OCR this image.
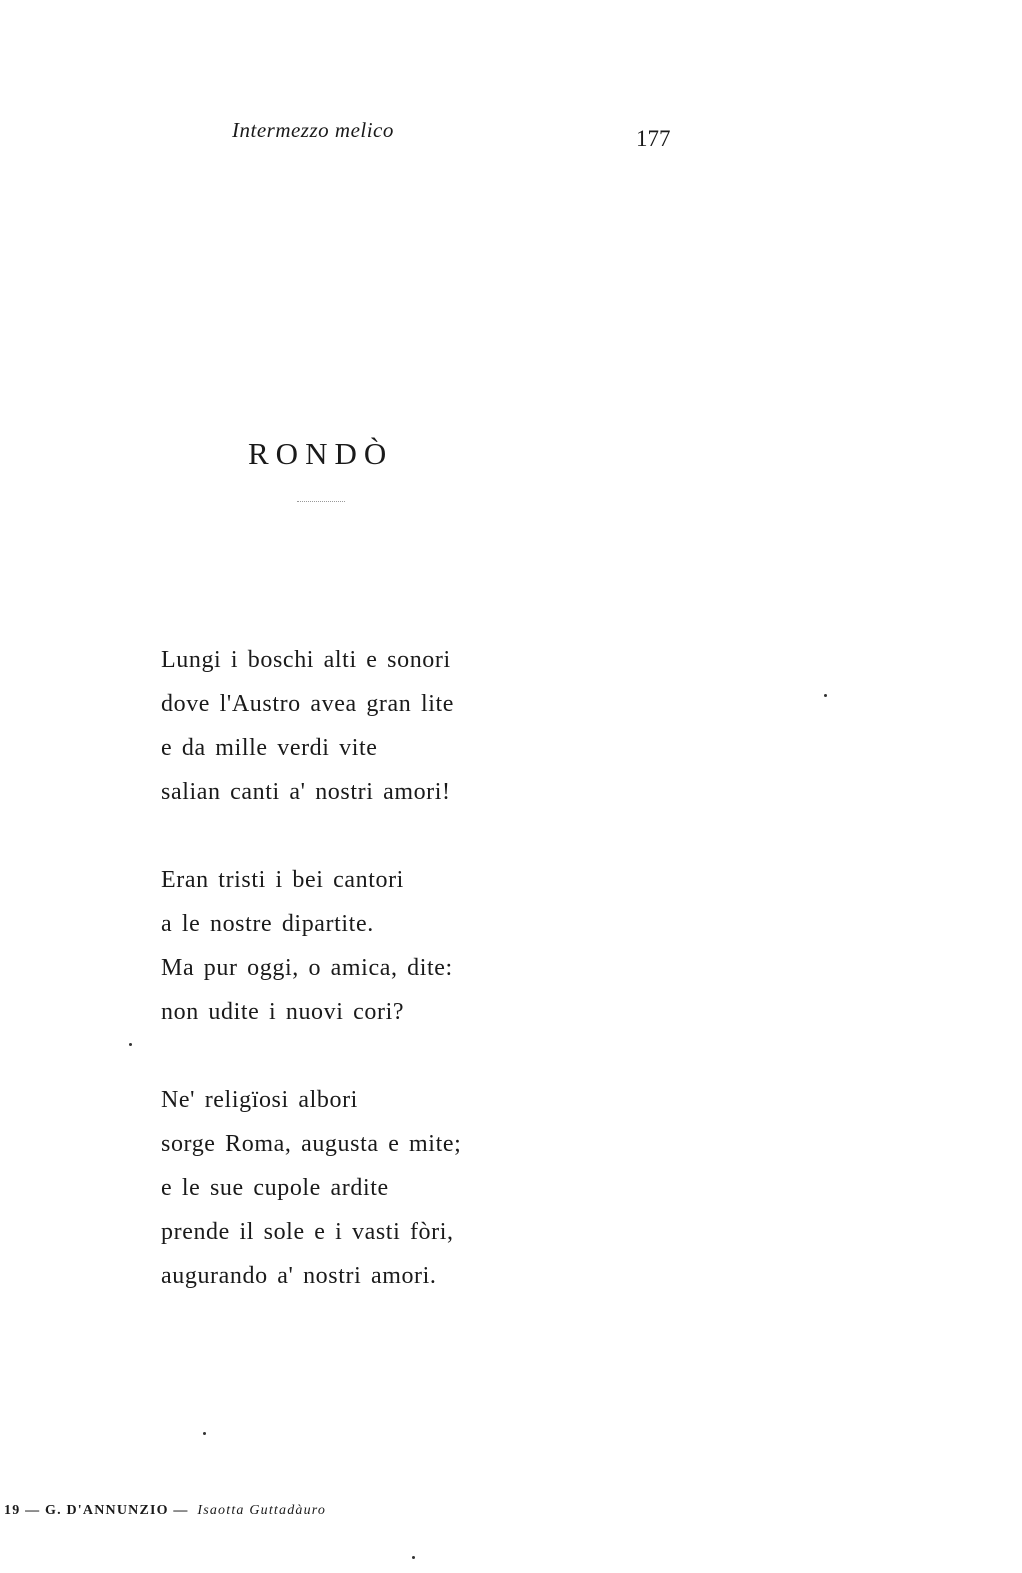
Intermezzo melico	177
RONDÒ
Lungi i boschi alti e sonori
dove l'Austro avea gran lite
e da mille verdi vite
salian canti a' nostri amori!
Eran tristi i bei cantori
a le nostre dipartite.
Ma pur oggi, o amica, dite:
non udite i nuovi cori?
Ne' religïosi albori
sorge Roma, augusta e mite;
e le sue cupole ardite
prende il sole e i vasti fòri,
augurando a' nostri amori.
19 — G. D'ANNUNZIO — Isaotta Guttadàuro
